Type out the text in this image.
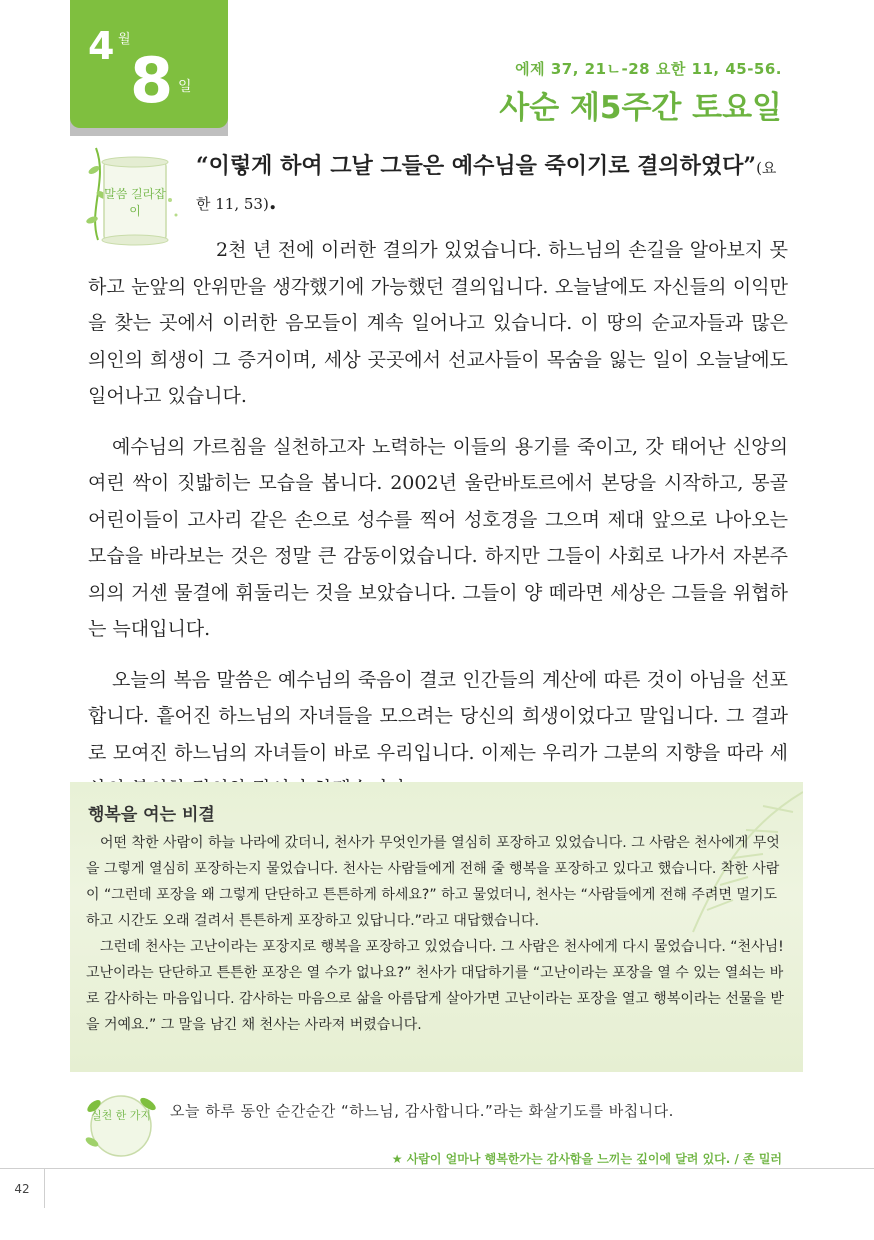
4 월
8 일
에제 37, 21ㄴ-28 요한 11, 45-56.
사순 제5주간 토요일
말씀 길라잡이
“이렇게 하여 그날 그들은 예수님을 죽이기로 결의하였다”(요한 11, 53).

2천 년 전에 이러한 결의가 있었습니다. 하느님의 손길을 알아보지 못하고 눈앞의 안위만을 생각했기에 가능했던 결의입니다. 오늘날에도 자신들의 이익만을 찾는 곳에서 이러한 음모들이 계속 일어나고 있습니다. 이 땅의 순교자들과 많은 의인의 희생이 그 증거이며, 세상 곳곳에서 선교사들이 목숨을 잃는 일이 오늘날에도 일어나고 있습니다.

예수님의 가르침을 실천하고자 노력하는 이들의 용기를 죽이고, 갓 태어난 신앙의 여린 싹이 짓밟히는 모습을 봅니다. 2002년 울란바토르에서 본당을 시작하고, 몽골 어린이들이 고사리 같은 손으로 성수를 찍어 성호경을 그으며 제대 앞으로 나아오는 모습을 바라보는 것은 정말 큰 감동이었습니다. 하지만 그들이 사회로 나가서 자본주의의 거센 물결에 휘둘리는 것을 보았습니다. 그들이 양 떼라면 세상은 그들을 위협하는 늑대입니다.

오늘의 복음 말씀은 예수님의 죽음이 결코 인간들의 계산에 따른 것이 아님을 선포합니다. 흩어진 하느님의 자녀들을 모으려는 당신의 희생이었다고 말입니다. 그 결과로 모여진 하느님의 자녀들이 바로 우리입니다. 이제는 우리가 그분의 지향을 따라 세

행복을 여는 비결

어떤 착한 사람이 하늘 나라에 갔더니, 천사가 무엇인가를 열심히 포장하고 있었습니다. 그 사람은 천사에게 무엇을 그렇게 열심히 포장하는지 물었습니다. 천사는 사람들에게 전해 줄 행복을 포장하고 있다고 했습니다. 착한 사람이 “그런데 포장을 왜 그렇게 단단하고 튼튼하게 하세요?” 하고 물었더니, 천사는 “사람들에게 전해 주려면 멀기도 하고 시간도 오래 걸려서 튼튼하게 포장하고 있답니다.”라고 대답했습니다.

그런데 천사는 고난이라는 포장지로 행복을 포장하고 있었습니다. 그 사람은 천사에게 다시 물었습니다. “천사님! 고난이라는 단단하고 튼튼한 포장은 열 수가 없나요?” 천사가 대답하기를 “고난이라는 포장을 열 수 있는 열쇠는 바로 감사하는 마음입니다. 감사하는 마음으로 삶을 아름답게 살아가면 고난이라는 포장을 열고 행복이라는 선물을 받을 거예요.” 그 말을 남긴 채 천사는 사라져 버렸습니다.

실천 한 가지 오늘 하루 동안 순간순간 “하느님, 감사합니다.”라는 화살기도를 바칩니다.
★ 사람이 얼마나 행복한가는 감사함을 느끼는 깊이에 달려 있다. / 존 밀러
42
